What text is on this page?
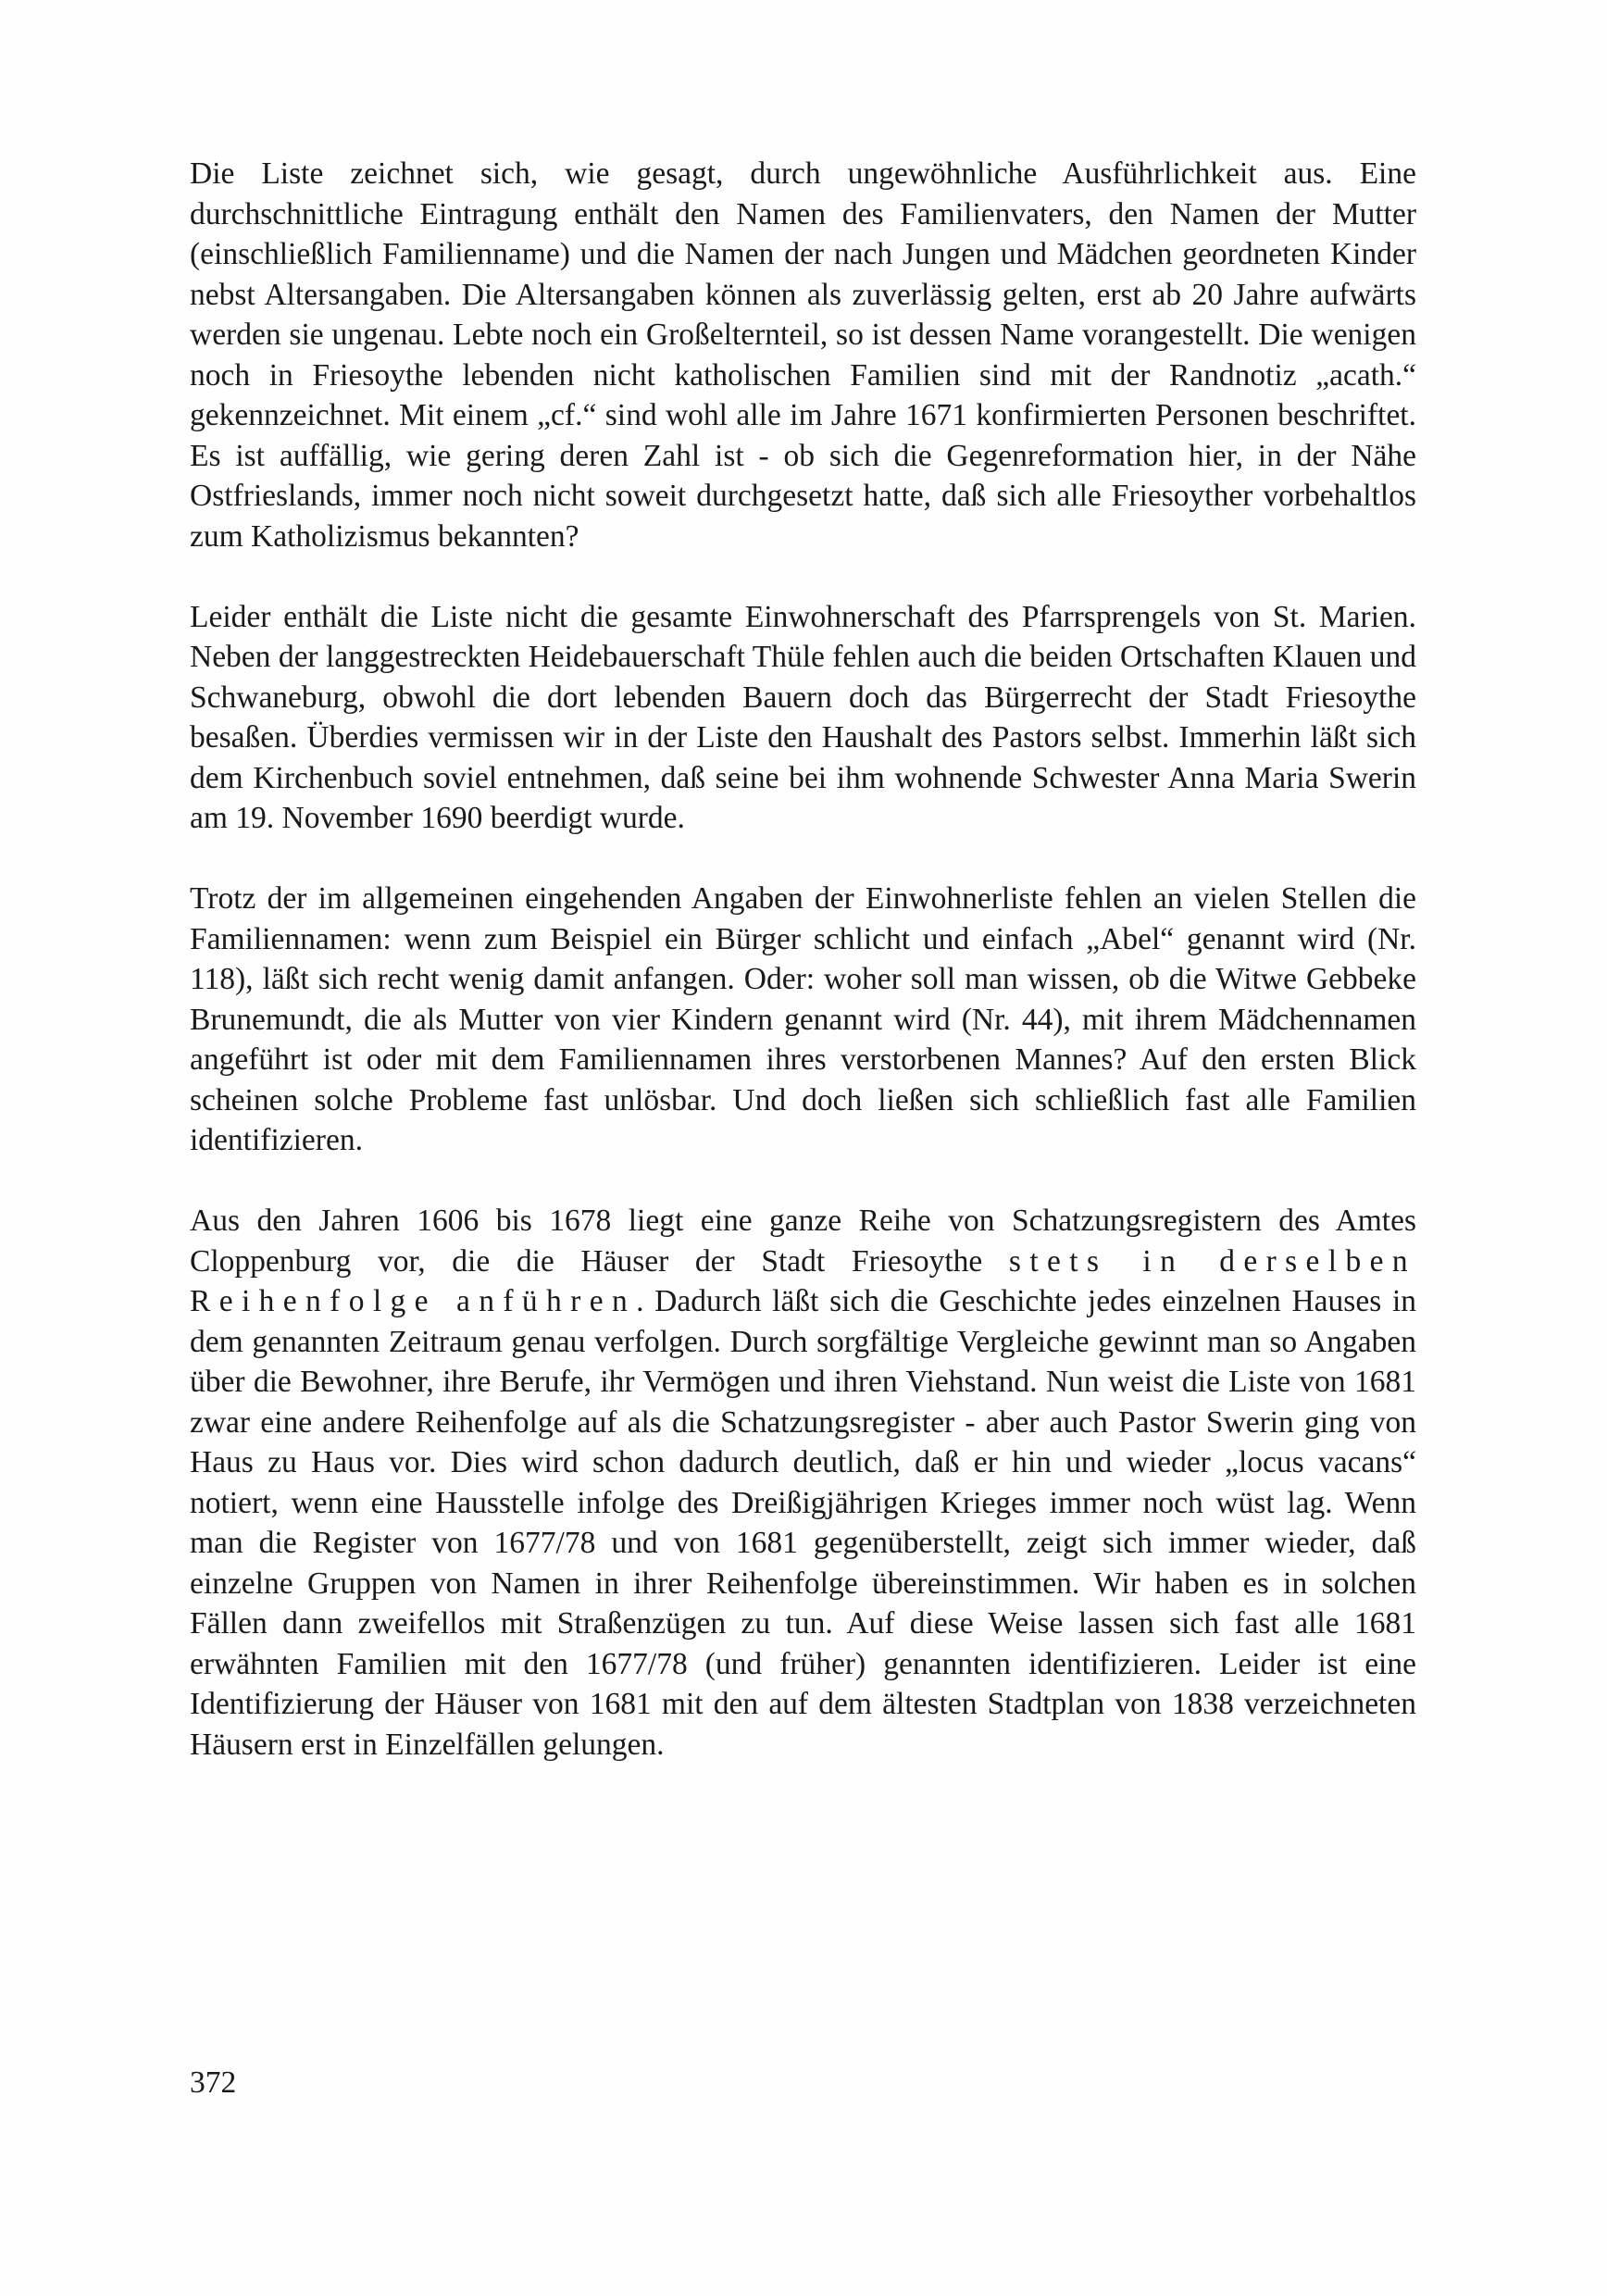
Die Liste zeichnet sich, wie gesagt, durch ungewöhnliche Ausführlichkeit aus. Eine durchschnittliche Eintragung enthält den Namen des Familienvaters, den Namen der Mutter (einschließlich Familienname) und die Namen der nach Jungen und Mädchen geordneten Kinder nebst Altersangaben. Die Altersangaben können als zuverlässig gelten, erst ab 20 Jahre aufwärts werden sie ungenau. Lebte noch ein Großelternteil, so ist dessen Name vorangestellt. Die wenigen noch in Friesoythe lebenden nicht katholischen Familien sind mit der Randnotiz „acath.“ gekennzeichnet. Mit einem „cf.“ sind wohl alle im Jahre 1671 konfirmierten Personen beschriftet. Es ist auffällig, wie gering deren Zahl ist - ob sich die Gegenreformation hier, in der Nähe Ostfrieslands, immer noch nicht soweit durchgesetzt hatte, daß sich alle Friesoyther vorbehaltlos zum Katholizismus bekannten?

Leider enthält die Liste nicht die gesamte Einwohnerschaft des Pfarrsprengels von St. Marien. Neben der langgestreckten Heidebauerschaft Thüle fehlen auch die beiden Ortschaften Klauen und Schwaneburg, obwohl die dort lebenden Bauern doch das Bürgerrecht der Stadt Friesoythe besaßen. Überdies vermissen wir in der Liste den Haushalt des Pastors selbst. Immerhin läßt sich dem Kirchenbuch soviel entnehmen, daß seine bei ihm wohnende Schwester Anna Maria Swerin am 19. November 1690 beerdigt wurde.

Trotz der im allgemeinen eingehenden Angaben der Einwohnerliste fehlen an vielen Stellen die Familiennamen: wenn zum Beispiel ein Bürger schlicht und einfach „Abel“ genannt wird (Nr. 118), läßt sich recht wenig damit anfangen. Oder: woher soll man wissen, ob die Witwe Gebbeke Brunemundt, die als Mutter von vier Kindern genannt wird (Nr. 44), mit ihrem Mädchennamen angeführt ist oder mit dem Familiennamen ihres verstorbenen Mannes? Auf den ersten Blick scheinen solche Probleme fast unlösbar. Und doch ließen sich schließlich fast alle Familien identifizieren.

Aus den Jahren 1606 bis 1678 liegt eine ganze Reihe von Schatzungsregistern des Amtes Cloppenburg vor, die die Häuser der Stadt Friesoythe stets in derselben Reihenfolge anführen. Dadurch läßt sich die Geschichte jedes einzelnen Hauses in dem genannten Zeitraum genau verfolgen. Durch sorgfältige Vergleiche gewinnt man so Angaben über die Bewohner, ihre Berufe, ihr Vermögen und ihren Viehstand. Nun weist die Liste von 1681 zwar eine andere Reihenfolge auf als die Schatzungsregister - aber auch Pastor Swerin ging von Haus zu Haus vor. Dies wird schon dadurch deutlich, daß er hin und wieder „locus vacans“ notiert, wenn eine Hausstelle infolge des Dreißigjährigen Krieges immer noch wüst lag. Wenn man die Register von 1677/78 und von 1681 gegenüberstellt, zeigt sich immer wieder, daß einzelne Gruppen von Namen in ihrer Reihenfolge übereinstimmen. Wir haben es in solchen Fällen dann zweifellos mit Straßenzügen zu tun. Auf diese Weise lassen sich fast alle 1681 erwähnten Familien mit den 1677/78 (und früher) genannten identifizieren. Leider ist eine Identifizierung der Häuser von 1681 mit den auf dem ältesten Stadtplan von 1838 verzeichneten Häusern erst in Einzelfällen gelungen.

372
